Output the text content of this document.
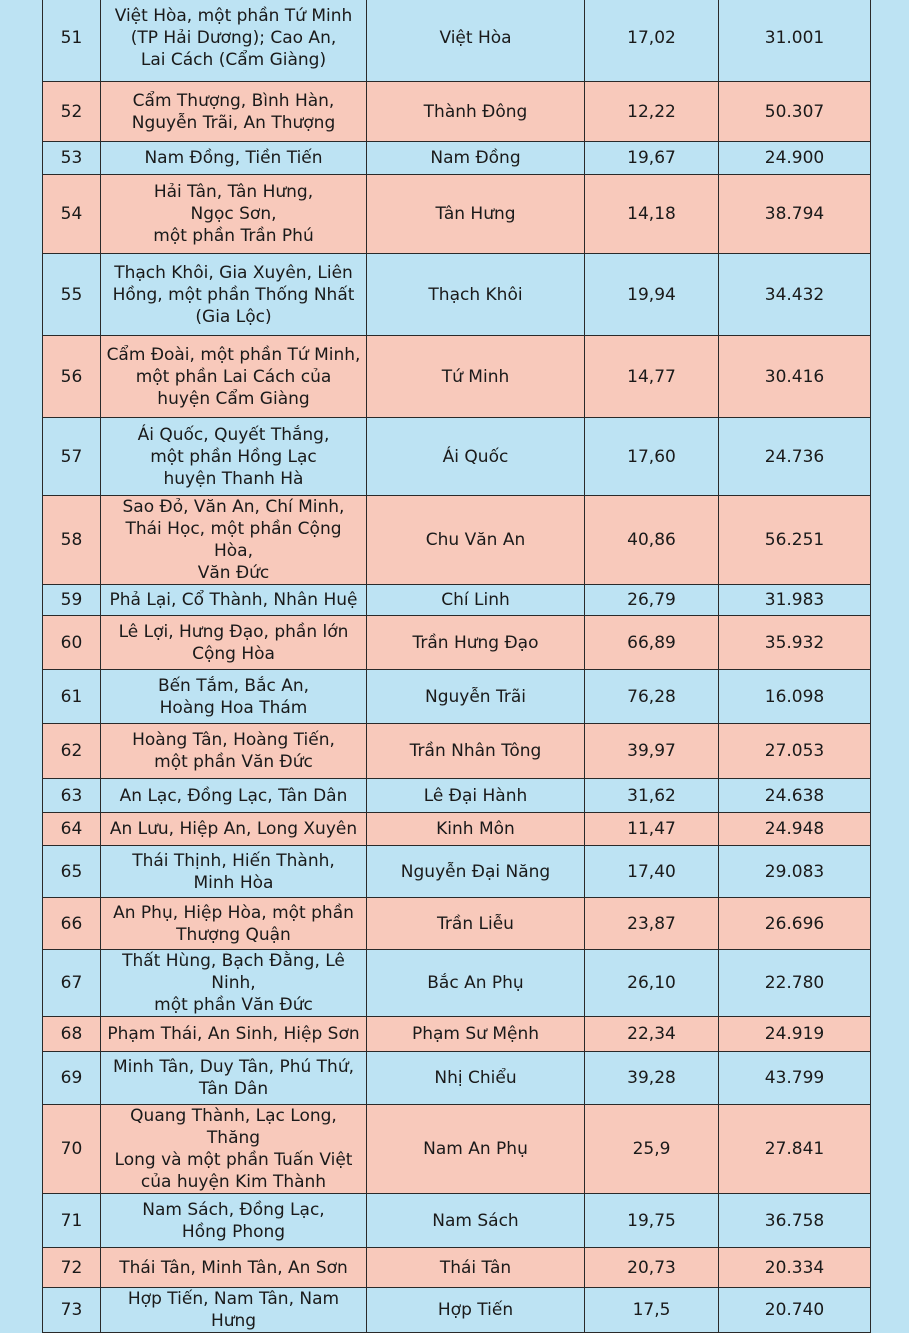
51	Việt Hòa, một phần Tứ Minh
(TP Hải Dương); Cao An,
Lai Cách (Cẩm Giàng)	Việt Hòa	17,02	31.001
52	Cẩm Thượng, Bình Hàn,
Nguyễn Trãi, An Thượng	Thành Đông	12,22	50.307
53	Nam Đồng, Tiền Tiến	Nam Đồng	19,67	24.900
54	Hải Tân, Tân Hưng,
Ngọc Sơn,
một phần Trần Phú	Tân Hưng	14,18	38.794
55	Thạch Khôi, Gia Xuyên, Liên
Hồng, một phần Thống Nhất
(Gia Lộc)	Thạch Khôi	19,94	34.432
56	Cẩm Đoài, một phần Tứ Minh,
một phần Lai Cách của
huyện Cẩm Giàng	Tứ Minh	14,77	30.416
57	Ái Quốc, Quyết Thắng,
một phần Hồng Lạc
huyện Thanh Hà	Ái Quốc	17,60	24.736
58	Sao Đỏ, Văn An, Chí Minh,
Thái Học, một phần Cộng Hòa,
Văn Đức	Chu Văn An	40,86	56.251
59	Phả Lại, Cổ Thành, Nhân Huệ	Chí Linh	26,79	31.983
60	Lê Lợi, Hưng Đạo, phần lớn
Cộng Hòa	Trần Hưng Đạo	66,89	35.932
61	Bến Tắm, Bắc An,
Hoàng Hoa Thám	Nguyễn Trãi	76,28	16.098
62	Hoàng Tân, Hoàng Tiến,
một phần Văn Đức	Trần Nhân Tông	39,97	27.053
63	An Lạc, Đồng Lạc, Tân Dân	Lê Đại Hành	31,62	24.638
64	An Lưu, Hiệp An, Long Xuyên	Kinh Môn	11,47	24.948
65	Thái Thịnh, Hiến Thành,
Minh Hòa	Nguyễn Đại Năng	17,40	29.083
66	An Phụ, Hiệp Hòa, một phần
Thượng Quận	Trần Liễu	23,87	26.696
67	Thất Hùng, Bạch Đằng, Lê Ninh,
một phần Văn Đức	Bắc An Phụ	26,10	22.780
68	Phạm Thái, An Sinh, Hiệp Sơn	Phạm Sư Mệnh	22,34	24.919
69	Minh Tân, Duy Tân, Phú Thứ,
Tân Dân	Nhị Chiểu	39,28	43.799
70	Quang Thành, Lạc Long, Thăng
Long và một phần Tuấn Việt
của huyện Kim Thành	Nam An Phụ	25,9	27.841
71	Nam Sách, Đồng Lạc,
Hồng Phong	Nam Sách	19,75	36.758
72	Thái Tân, Minh Tân, An Sơn	Thái Tân	20,73	20.334
73	Hợp Tiến, Nam Tân, Nam Hưng	Hợp Tiến	17,5	20.740
